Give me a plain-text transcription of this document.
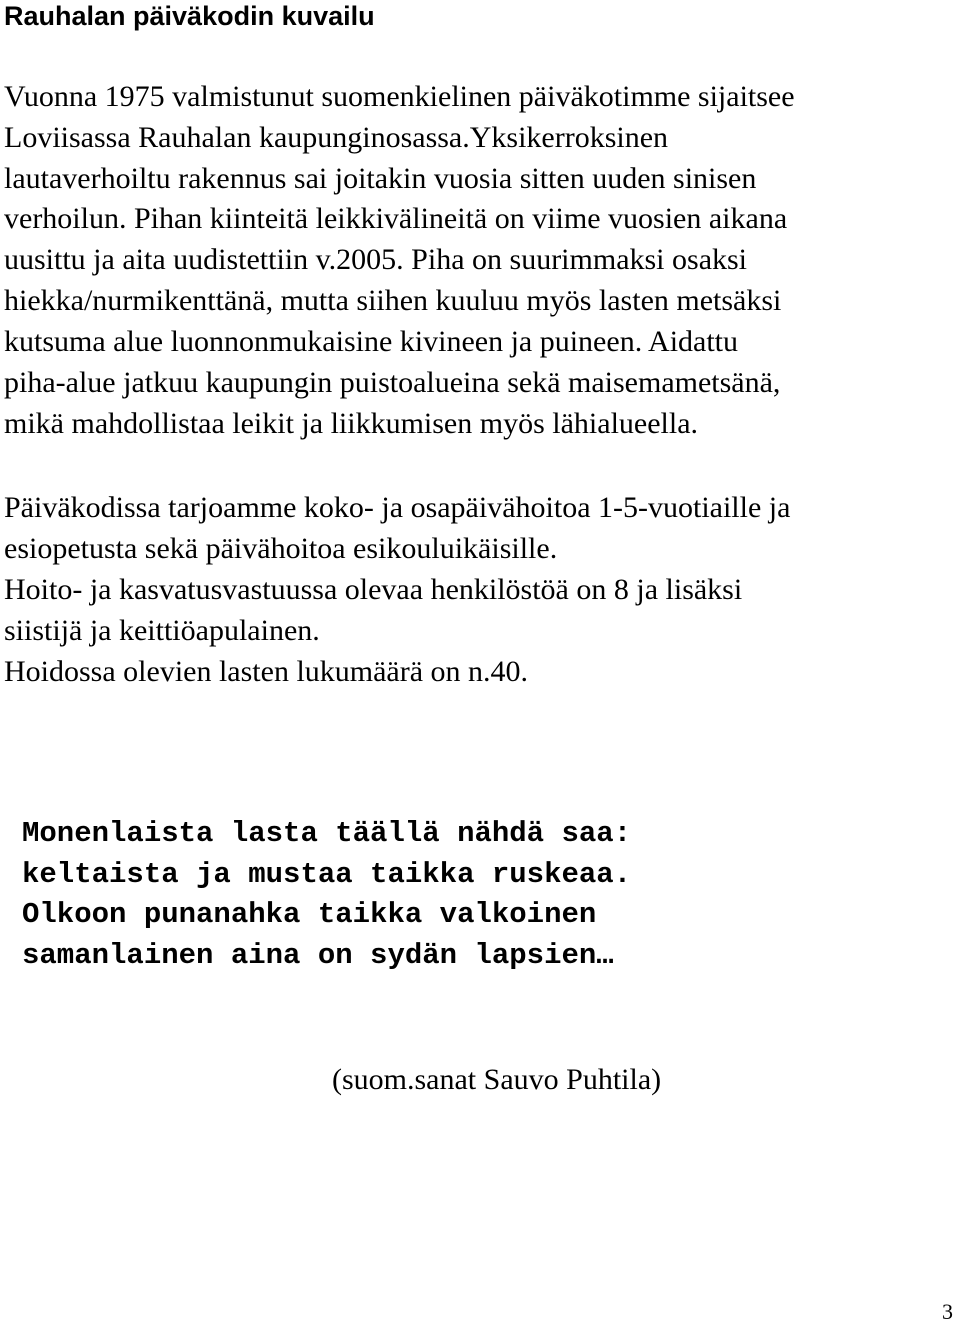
Rauhalan päiväkodin kuvailu

Vuonna 1975 valmistunut suomenkielinen päiväkotimme sijaitsee

Loviisassa Rauhalan kaupunginosassa.Yksikerroksinen

lautaverhoiltu rakennus sai joitakin vuosia sitten uuden sinisen

verhoilun. Pihan kiinteitä leikkivälineitä on viime vuosien aikana

uusittu ja aita uudistettiin v.2005. Piha on suurimmaksi osaksi

hiekka/nurmikenttänä, mutta siihen kuuluu myös lasten metsäksi

kutsuma alue luonnonmukaisine kivineen ja puineen. Aidattu

piha-alue jatkuu kaupungin puistoalueina sekä maisemametsänä,

mikä mahdollistaa leikit ja liikkumisen myös lähialueella.

Päiväkodissa tarjoamme koko- ja osapäivähoitoa 1-5-vuotiaille ja

esiopetusta sekä päivähoitoa esikouluikäisille.

Hoito- ja kasvatusvastuussa olevaa henkilöstöä on 8 ja lisäksi

siistijä ja keittiöapulainen.

Hoidossa olevien lasten lukumäärä on n.40.

Monenlaista lasta täällä nähdä saa:

keltaista ja mustaa taikka ruskeaa.

Olkoon punanahka taikka valkoinen

samanlainen aina on sydän lapsien…

(suom.sanat Sauvo Puhtila)

3
